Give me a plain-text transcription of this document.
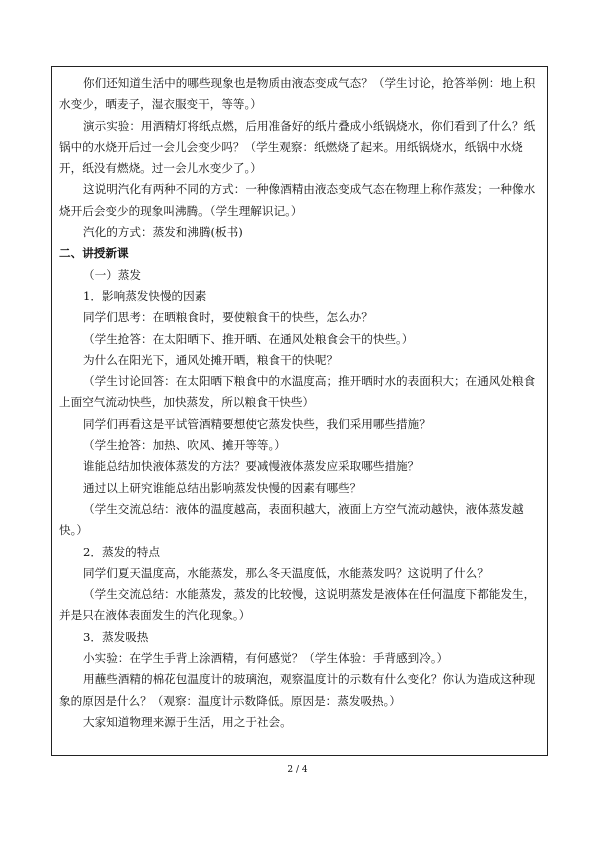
你们还知道生活中的哪些现象也是物质由液态变成气态？（学生讨论，抢答举例：地上积水变少，晒麦子，湿衣服变干，等等。）

演示实验：用酒精灯将纸点燃，后用准备好的纸片叠成小纸锅烧水，你们看到了什么？纸锅中的水烧开后过一会儿会变少吗？（学生观察：纸燃烧了起来。用纸锅烧水，纸锅中水烧开，纸没有燃烧。过一会儿水变少了。）

这说明汽化有两种不同的方式：一种像酒精由液态变成气态在物理上称作蒸发；一种像水烧开后会变少的现象叫沸腾。（学生理解识记。）

汽化的方式：蒸发和沸腾(板书)

二、讲授新课

（一）蒸发

1．影响蒸发快慢的因素

同学们思考：在晒粮食时，要使粮食干的快些，怎么办？

（学生抢答：在太阳晒下、推开晒、在通风处粮食会干的快些。）

为什么在阳光下，通风处摊开晒，粮食干的快呢？

（学生讨论回答：在太阳晒下粮食中的水温度高；推开晒时水的表面积大；在通风处粮食上面空气流动快些，加快蒸发，所以粮食干快些）

同学们再看这是平试管酒精要想使它蒸发快些，我们采用哪些措施？

（学生抢答：加热、吹风、摊开等等。）

谁能总结加快液体蒸发的方法？要减慢液体蒸发应采取哪些措施？

通过以上研究谁能总结出影响蒸发快慢的因素有哪些？

（学生交流总结：液体的温度越高，表面积越大，液面上方空气流动越快，液体蒸发越快。）

2．蒸发的特点

同学们夏天温度高，水能蒸发，那么冬天温度低，水能蒸发吗？这说明了什么？

（学生交流总结：水能蒸发，蒸发的比较慢，这说明蒸发是液体在任何温度下都能发生，并是只在液体表面发生的汽化现象。）

3．蒸发吸热

小实验：在学生手背上涂酒精，有何感觉？（学生体验：手背感到冷。）

用蘸些酒精的棉花包温度计的玻璃泡，观察温度计的示数有什么变化？你认为造成这种现象的原因是什么？（观察：温度计示数降低。原因是：蒸发吸热。）

大家知道物理来源于生活，用之于社会。

2 / 4
